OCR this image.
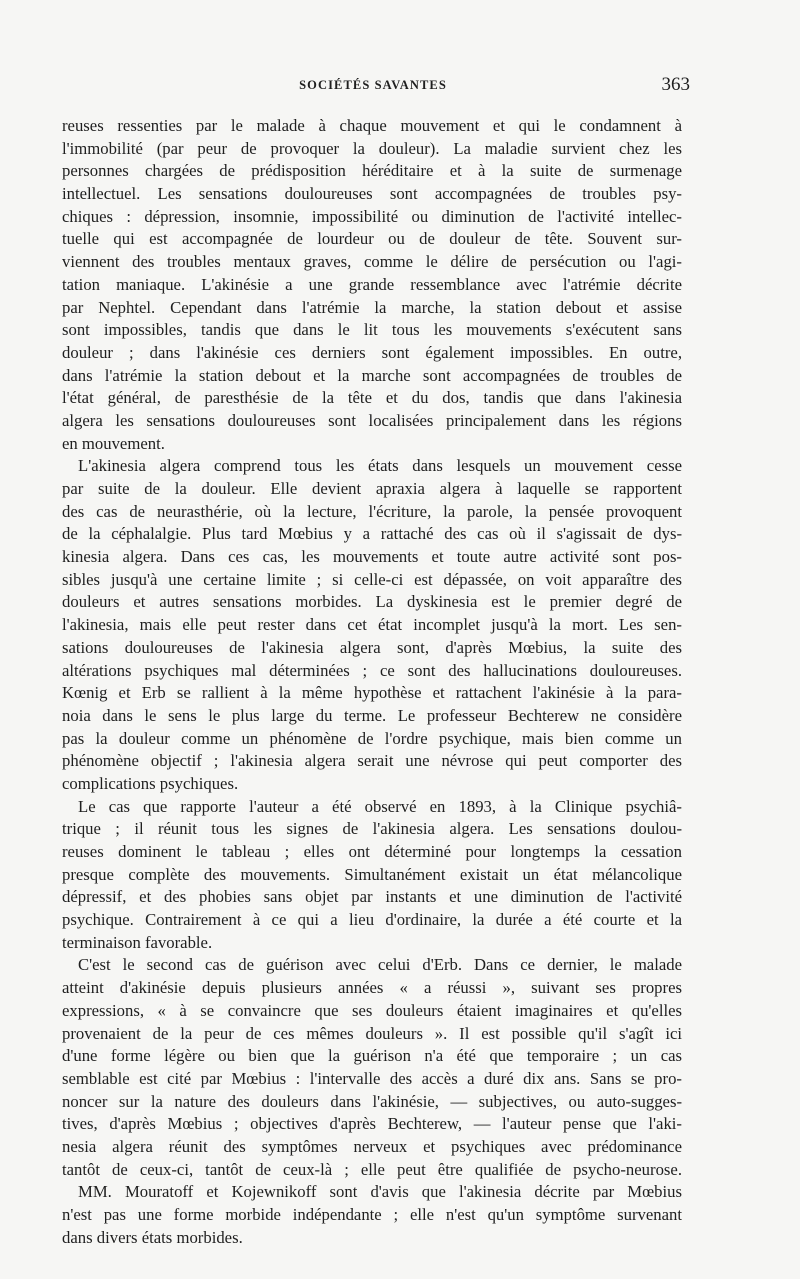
SOCIÉTÉS SAVANTES	363
reuses ressenties par le malade à chaque mouvement et qui le condamnent à
l'immobilité (par peur de provoquer la douleur). La maladie survient chez les
personnes chargées de prédisposition héréditaire et à la suite de surmenage
intellectuel. Les sensations douloureuses sont accompagnées de troubles psy-
chiques : dépression, insomnie, impossibilité ou diminution de l'activité intellec-
tuelle qui est accompagnée de lourdeur ou de douleur de tête. Souvent sur-
viennent des troubles mentaux graves, comme le délire de persécution ou l'agi-
tation maniaque. L'akinésie a une grande ressemblance avec l'atrémie décrite
par Nephtel. Cependant dans l'atrémie la marche, la station debout et assise
sont impossibles, tandis que dans le lit tous les mouvements s'exécutent sans
douleur ; dans l'akinésie ces derniers sont également impossibles. En outre,
dans l'atrémie la station debout et la marche sont accompagnées de troubles de
l'état général, de paresthésie de la tête et du dos, tandis que dans l'akinesia
algera les sensations douloureuses sont localisées principalement dans les régions
en mouvement.
L'akinesia algera comprend tous les états dans lesquels un mouvement cesse
par suite de la douleur. Elle devient apraxia algera à laquelle se rapportent
des cas de neurasthérie, où la lecture, l'écriture, la parole, la pensée provoquent
de la céphalalgie. Plus tard Mœbius y a rattaché des cas où il s'agissait de dys-
kinesia algera. Dans ces cas, les mouvements et toute autre activité sont pos-
sibles jusqu'à une certaine limite ; si celle-ci est dépassée, on voit apparaître des
douleurs et autres sensations morbides. La dyskinesia est le premier degré de
l'akinesia, mais elle peut rester dans cet état incomplet jusqu'à la mort. Les sen-
sations douloureuses de l'akinesia algera sont, d'après Mœbius, la suite des
altérations psychiques mal déterminées ; ce sont des hallucinations douloureuses.
Kœnig et Erb se rallient à la même hypothèse et rattachent l'akinésie à la para-
noia dans le sens le plus large du terme. Le professeur Bechterew ne considère
pas la douleur comme un phénomène de l'ordre psychique, mais bien comme un
phénomène objectif ; l'akinesia algera serait une névrose qui peut comporter des
complications psychiques.
Le cas que rapporte l'auteur a été observé en 1893, à la Clinique psychiâ-
trique ; il réunit tous les signes de l'akinesia algera. Les sensations doulou-
reuses dominent le tableau ; elles ont déterminé pour longtemps la cessation
presque complète des mouvements. Simultanément existait un état mélancolique
dépressif, et des phobies sans objet par instants et une diminution de l'activité
psychique. Contrairement à ce qui a lieu d'ordinaire, la durée a été courte et la
terminaison favorable.
C'est le second cas de guérison avec celui d'Erb. Dans ce dernier, le malade
atteint d'akinésie depuis plusieurs années « a réussi », suivant ses propres
expressions, « à se convaincre que ses douleurs étaient imaginaires et qu'elles
provenaient de la peur de ces mêmes douleurs ». Il est possible qu'il s'agît ici
d'une forme légère ou bien que la guérison n'a été que temporaire ; un cas
semblable est cité par Mœbius : l'intervalle des accès a duré dix ans. Sans se pro-
noncer sur la nature des douleurs dans l'akinésie, — subjectives, ou auto-sugges-
tives, d'après Mœbius ; objectives d'après Bechterew, — l'auteur pense que l'aki-
nesia algera réunit des symptômes nerveux et psychiques avec prédominance
tantôt de ceux-ci, tantôt de ceux-là ; elle peut être qualifiée de psycho-neurose.
MM. Mouratoff et Kojewnikoff sont d'avis que l'akinesia décrite par Mœbius
n'est pas une forme morbide indépendante ; elle n'est qu'un symptôme survenant
dans divers états morbides.
